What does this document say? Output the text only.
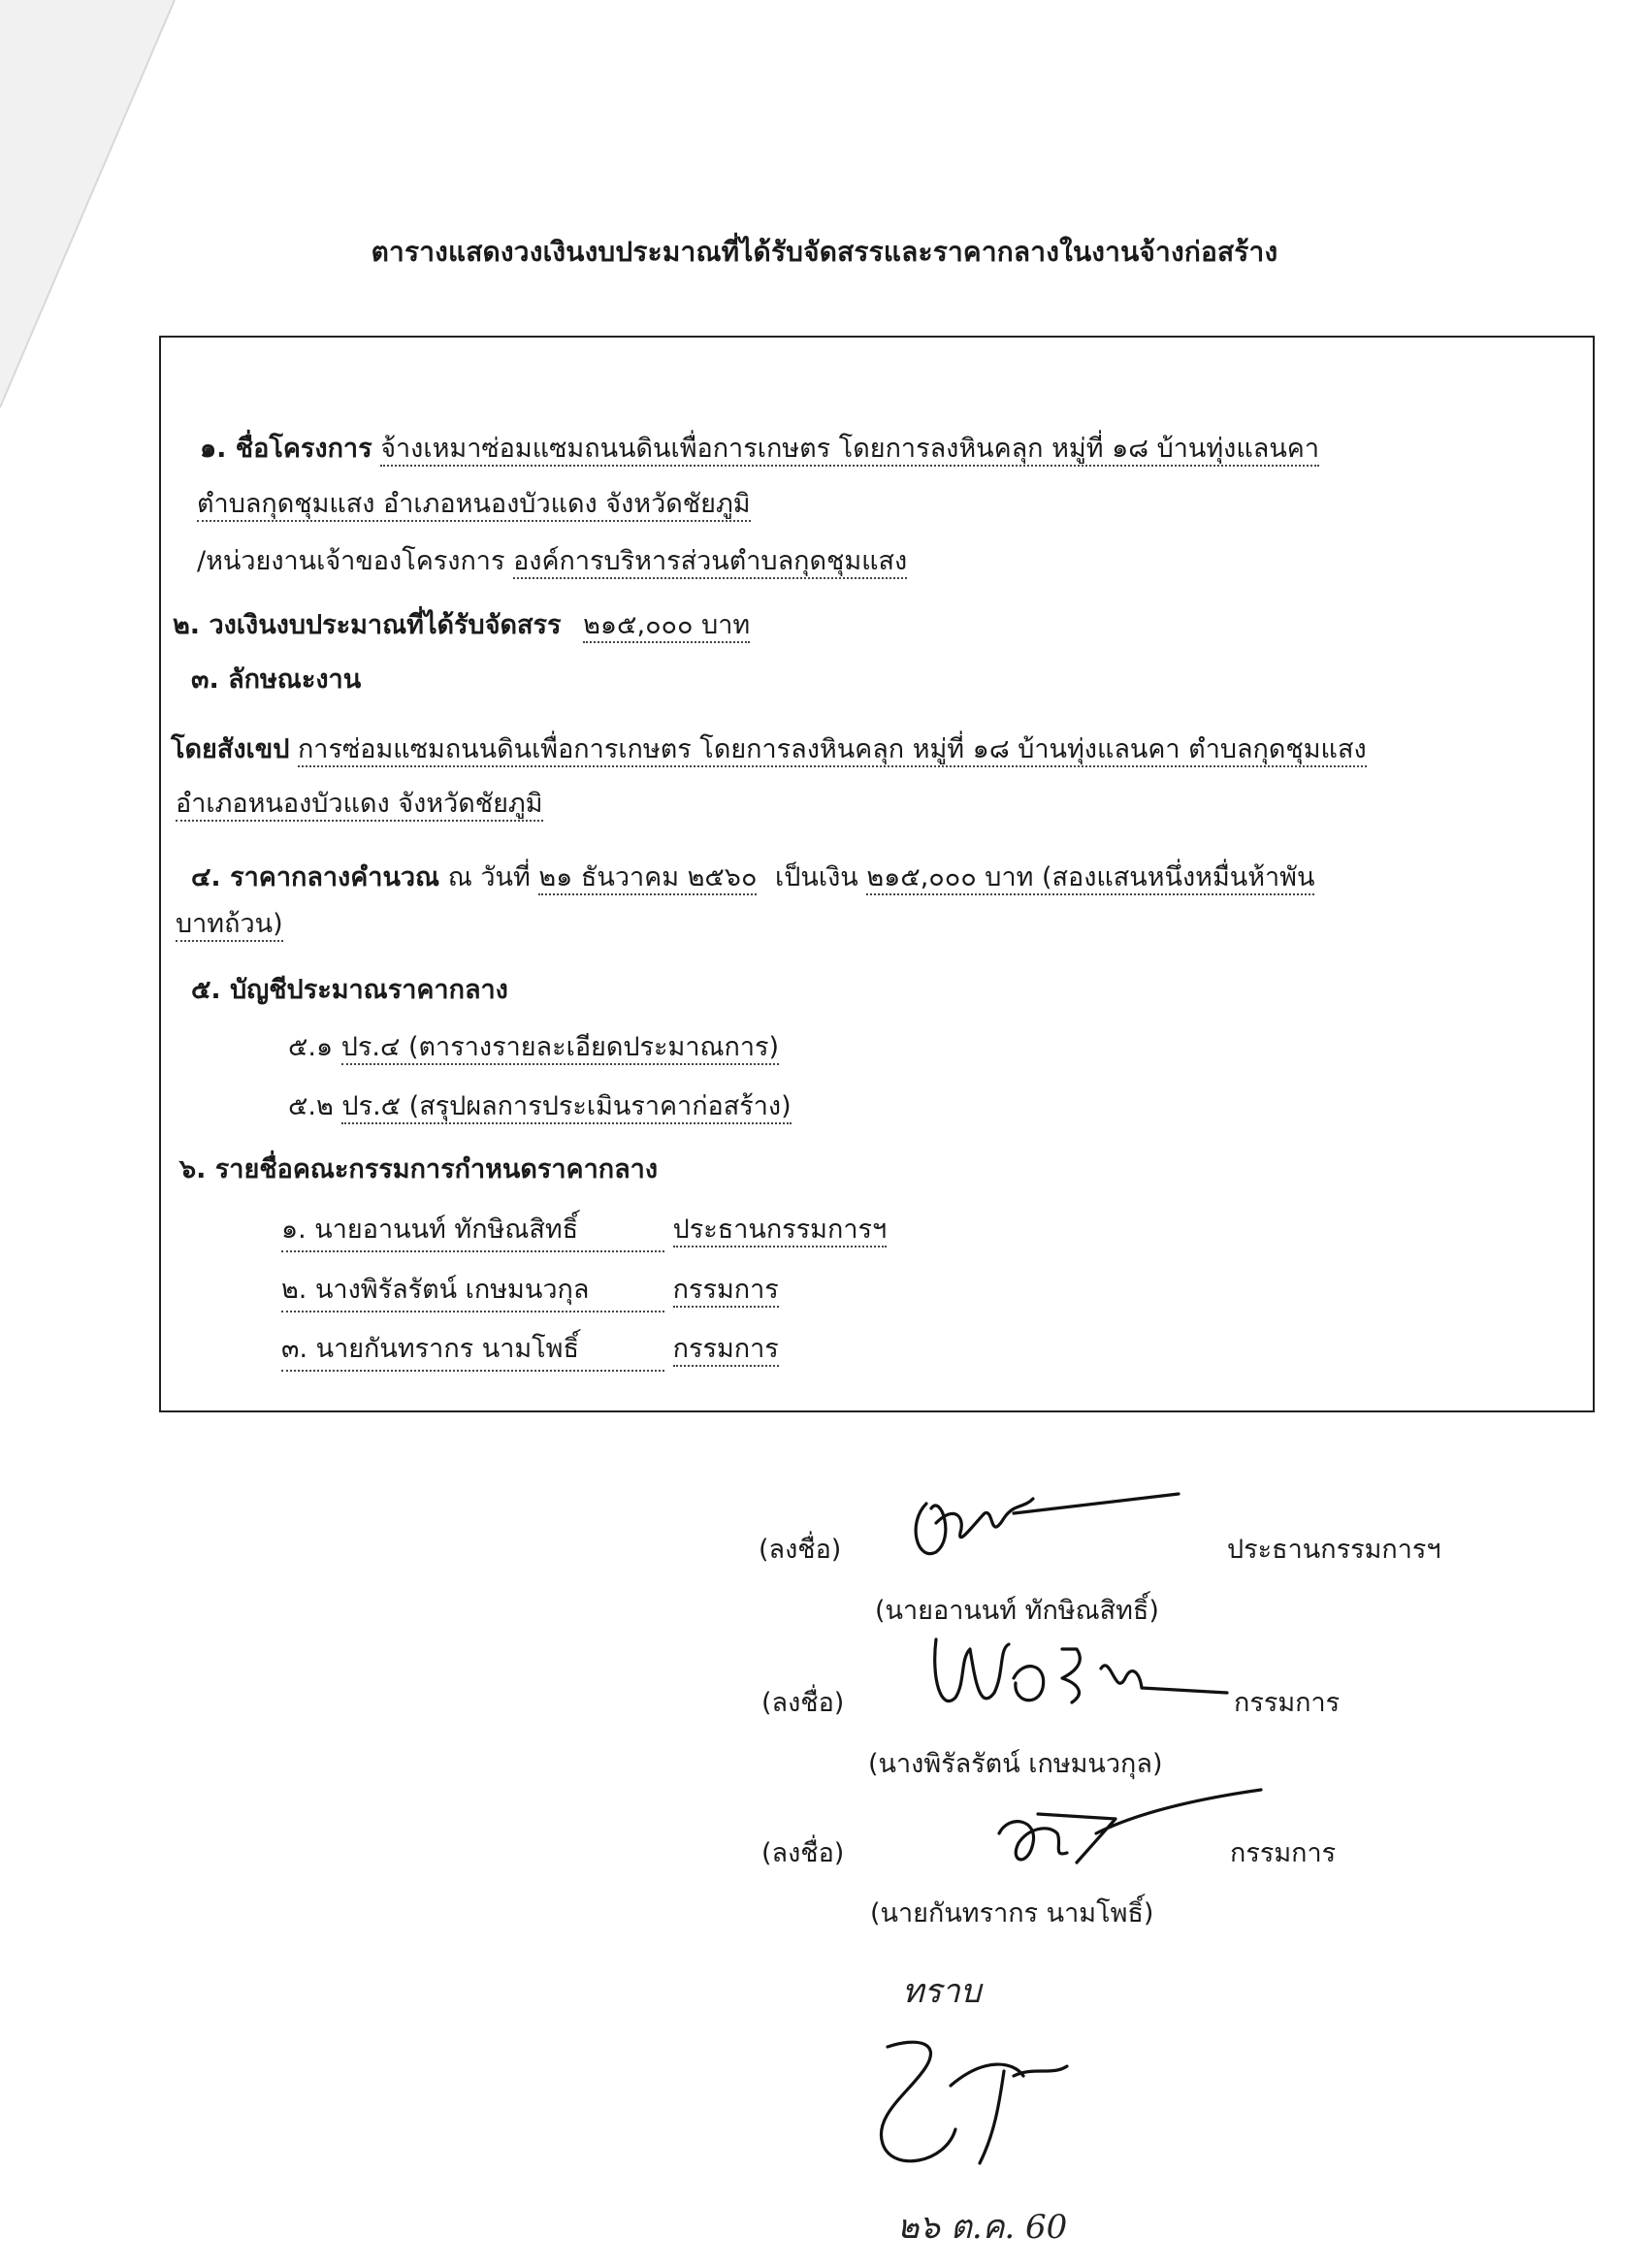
ตารางแสดงวงเงินงบประมาณที่ได้รับจัดสรรและราคากลางในงานจ้างก่อสร้าง
๑. ชื่อโครงการ จ้างเหมาซ่อมแซมถนนดินเพื่อการเกษตร โดยการลงหินคลุก หมู่ที่ ๑๘ บ้านทุ่งแลนคา
ตำบลกุดชุมแสง อำเภอหนองบัวแดง จังหวัดชัยภูมิ
/หน่วยงานเจ้าของโครงการ องค์การบริหารส่วนตำบลกุดชุมแสง
๒. วงเงินงบประมาณที่ได้รับจัดสรร ๒๑๕,๐๐๐ บาท
๓. ลักษณะงาน
โดยสังเขป การซ่อมแซมถนนดินเพื่อการเกษตร โดยการลงหินคลุก หมู่ที่ ๑๘ บ้านทุ่งแลนคา ตำบลกุดชุมแสง
อำเภอหนองบัวแดง จังหวัดชัยภูมิ
๔. ราคากลางคำนวณ ณ วันที่ ๒๑ ธันวาคม ๒๕๖๐ เป็นเงิน ๒๑๕,๐๐๐ บาท (สองแสนหนึ่งหมื่นห้าพัน
บาทถ้วน)
๕. บัญชีประมาณราคากลาง
๕.๑ ปร.๔ (ตารางรายละเอียดประมาณการ)
๕.๒ ปร.๕ (สรุปผลการประเมินราคาก่อสร้าง)
๖. รายชื่อคณะกรรมการกำหนดราคากลาง
๑. นายอานนท์ ทักษิณสิทธิ์	ประธานกรรมการฯ
๒. นางพิรัลรัตน์ เกษมนวกุล	กรรมการ
๓. นายกันทรากร นามโพธิ์	กรรมการ
(ลงชื่อ)	ประธานกรรมการฯ
(นายอานนท์ ทักษิณสิทธิ์)
(ลงชื่อ)	กรรมการ
(นางพิรัลรัตน์ เกษมนวกุล)
(ลงชื่อ)	กรรมการ
(นายกันทรากร นามโพธิ์)
ทราบ
๒๖ ต.ค. 60
